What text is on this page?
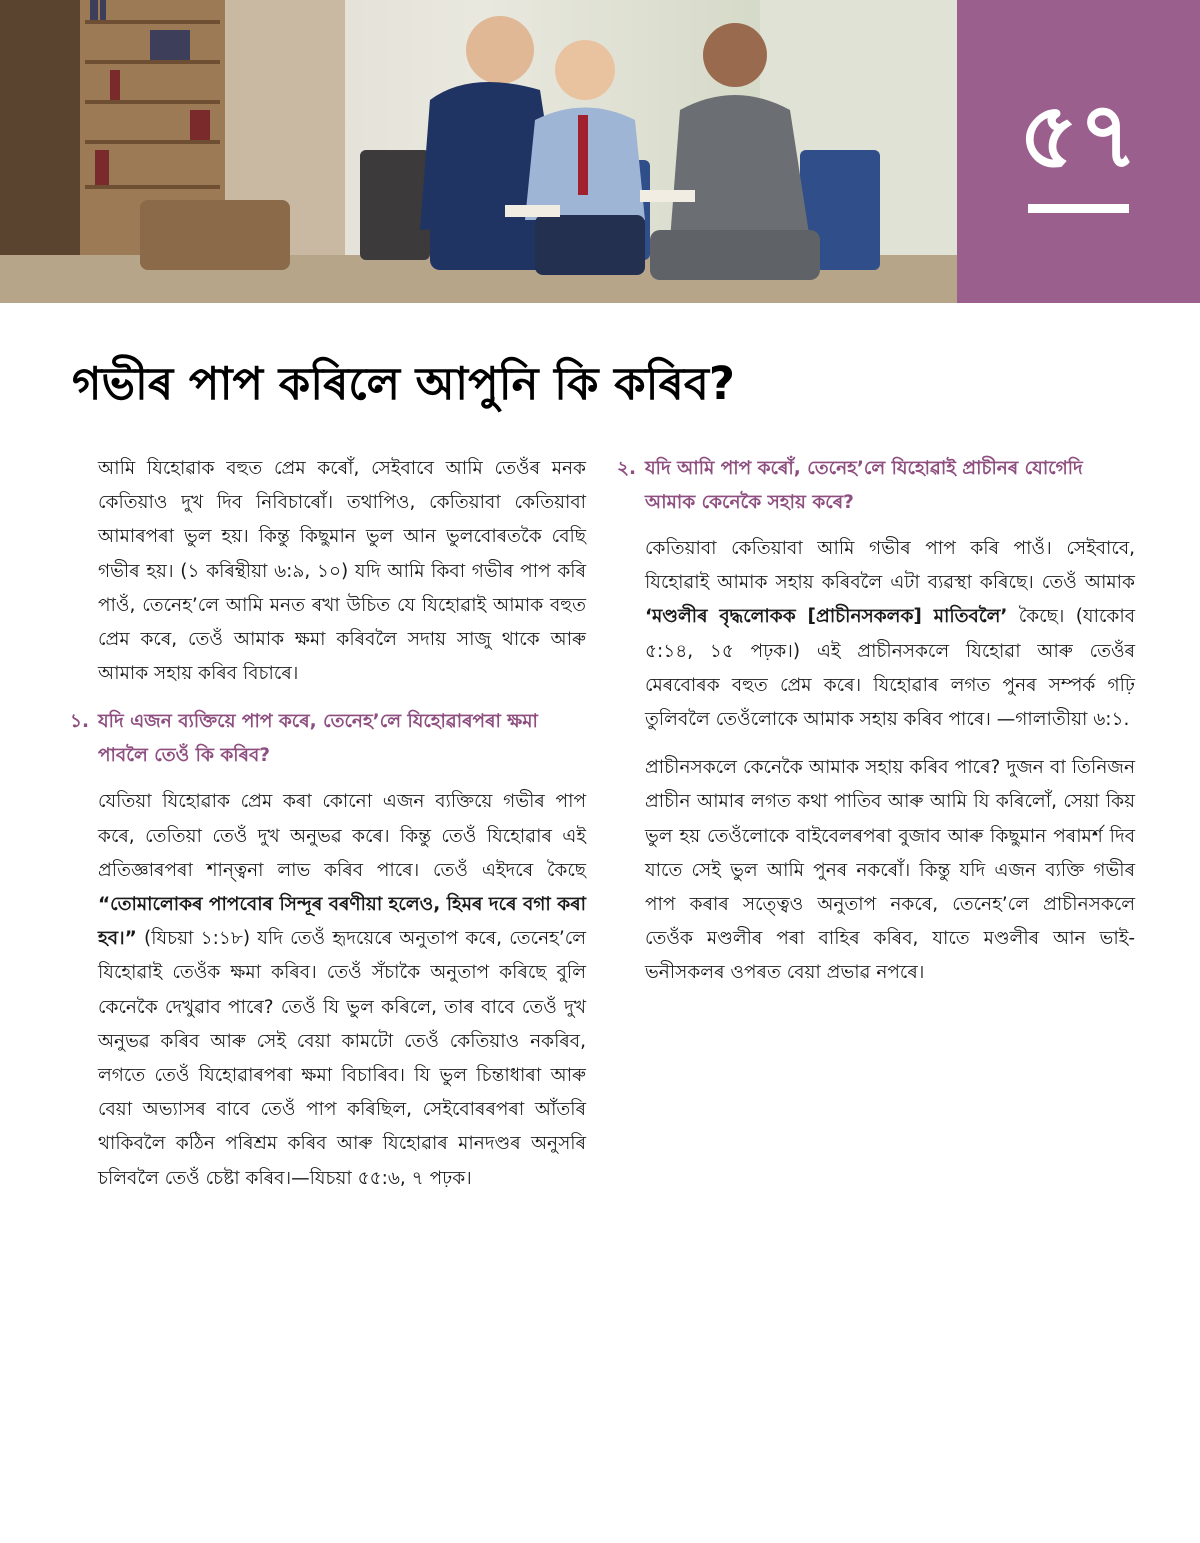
৫৭
গভীৰ পাপ কৰিলে আপুনি কি কৰিব?

আমি যিহোৱাক বহুত প্ৰেম কৰোঁ, সেইবাবে আমি তেওঁৰ মনক কেতিয়াও দুখ দিব নিবিচাৰোঁ। তথাপিও, কেতিয়াবা কেতিয়াবা আমাৰপৰা ভুল হয়। কিন্তু কিছুমান ভুল আন ভুলবোৰতকৈ বেছি গভীৰ হয়। (১ কৰিন্থীয়া ৬:৯, ১০) যদি আমি কিবা গভীৰ পাপ কৰি পাওঁ, তেনেহ’লে আমি মনত ৰখা উচিত যে যিহোৱাই আমাক বহুত প্ৰেম কৰে, তেওঁ আমাক ক্ষমা কৰিবলৈ সদায় সাজু থাকে আৰু আমাক সহায় কৰিব বিচাৰে।

১. যদি এজন ব্যক্তিয়ে পাপ কৰে, তেনেহ’লে যিহোৱাৰপৰা ক্ষমা পাবলৈ তেওঁ কি কৰিব?

যেতিয়া যিহোৱাক প্ৰেম কৰা কোনো এজন ব্যক্তিয়ে গভীৰ পাপ কৰে, তেতিয়া তেওঁ দুখ অনুভৱ কৰে। কিন্তু তেওঁ যিহোৱাৰ এই প্ৰতিজ্ঞাৰপৰা শান্ত্বনা লাভ কৰিব পাৰে। তেওঁ এইদৰে কৈছে “তোমালোকৰ পাপবোৰ সিন্দূৰ বৰণীয়া হলেও, হিমৰ দৰে বগা কৰা হব।” (যিচয়া ১:১৮) যদি তেওঁ হৃদয়েৰে অনুতাপ কৰে, তেনেহ’লে যিহোৱাই তেওঁক ক্ষমা কৰিব। তেওঁ সঁচাকৈ অনুতাপ কৰিছে বুলি কেনেকৈ দেখুৱাব পাৰে? তেওঁ যি ভুল কৰিলে, তাৰ বাবে তেওঁ দুখ অনুভৱ কৰিব আৰু সেই বেয়া কামটো তেওঁ কেতিয়াও নকৰিব, লগতে তেওঁ যিহোৱাৰপৰা ক্ষমা বিচাৰিব। যি ভুল চিন্তাধাৰা আৰু বেয়া অভ্যাসৰ বাবে তেওঁ পাপ কৰিছিল, সেইবোৰৰপৰা আঁতৰি থাকিবলৈ কঠিন পৰিশ্ৰম কৰিব আৰু যিহোৱাৰ মানদণ্ডৰ অনুসৰি চলিবলৈ তেওঁ চেষ্টা কৰিব।—যিচয়া ৫৫:৬, ৭ পঢ়ক।

২. যদি আমি পাপ কৰোঁ, তেনেহ’লে যিহোৱাই প্ৰাচীনৰ যোগেদি আমাক কেনেকৈ সহায় কৰে?

কেতিয়াবা কেতিয়াবা আমি গভীৰ পাপ কৰি পাওঁ। সেইবাবে, যিহোৱাই আমাক সহায় কৰিবলৈ এটা ব্যৱস্থা কৰিছে। তেওঁ আমাক ‘মণ্ডলীৰ বৃদ্ধলোকক [প্ৰাচীনসকলক] মাতিবলৈ’ কৈছে। (যাকোব ৫:১৪, ১৫ পঢ়ক।) এই প্ৰাচীনসকলে যিহোৱা আৰু তেওঁৰ মেৰবোৰক বহুত প্ৰেম কৰে। যিহোৱাৰ লগত পুনৰ সম্পৰ্ক গঢ়ি তুলিবলৈ তেওঁলোকে আমাক সহায় কৰিব পাৰে। —গালাতীয়া ৬:১.

প্ৰাচীনসকলে কেনেকৈ আমাক সহায় কৰিব পাৰে? দুজন বা তিনিজন প্ৰাচীন আমাৰ লগত কথা পাতিব আৰু আমি যি কৰিলোঁ, সেয়া কিয় ভুল হয় তেওঁলোকে বাইবেলৰপৰা বুজাব আৰু কিছুমান পৰামৰ্শ দিব যাতে সেই ভুল আমি পুনৰ নকৰোঁ। কিন্তু যদি এজন ব্যক্তি গভীৰ পাপ কৰাৰ সত্ত্বেও অনুতাপ নকৰে, তেনেহ’লে প্ৰাচীনসকলে তেওঁক মণ্ডলীৰ পৰা বাহিৰ কৰিব, যাতে মণ্ডলীৰ আন ভাই-ভনীসকলৰ ওপৰত বেয়া প্ৰভাৱ নপৰে।
